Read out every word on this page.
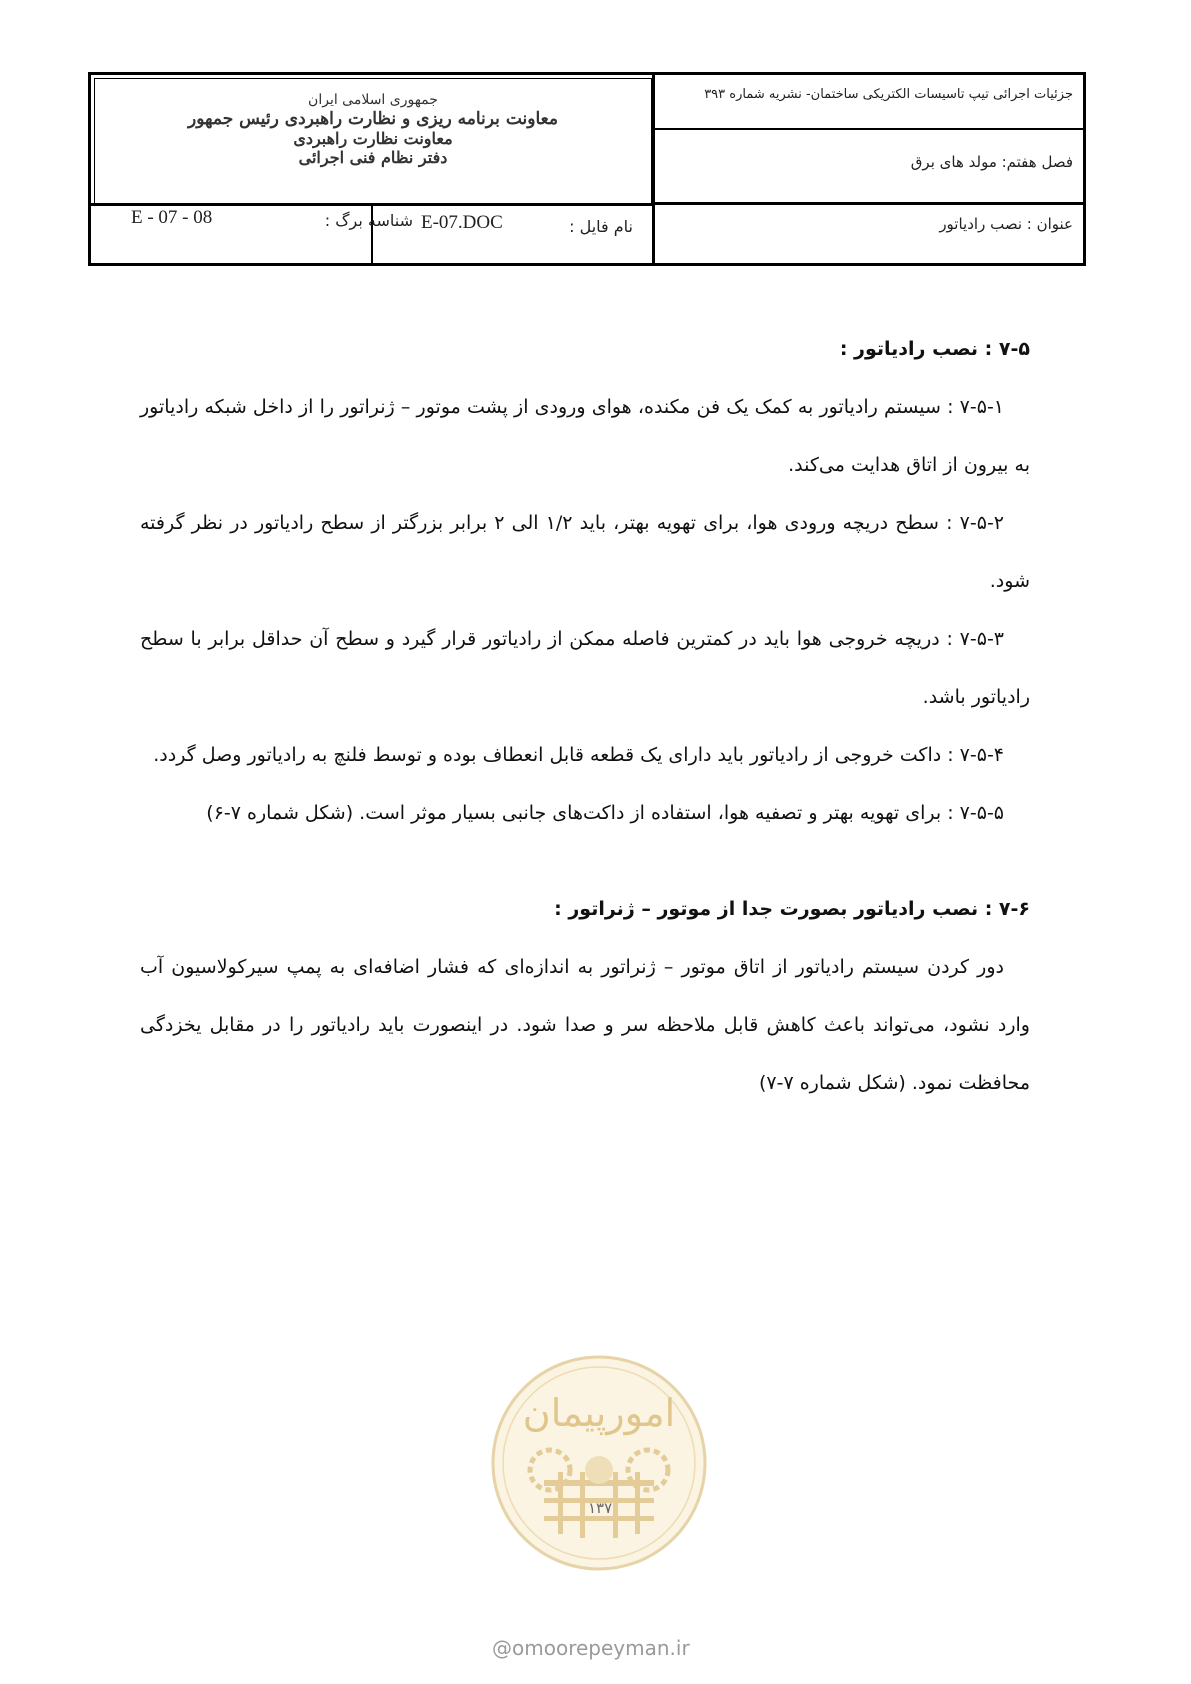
جمهوری اسلامی ایران
معاونت برنامه ریزی و نظارت راهبردی رئیس جمهور
معاونت نظارت راهبردی
دفتر نظام فنی اجرائی
جزئیات اجرائی تیپ تاسیسات الکتریکی ساختمان- نشریه شماره ۳۹۳
فصل هفتم: مولد های برق
عنوان : نصب رادیاتور
نام فایل :
E-07.DOC
شناسه برگ :
E - 07 - 08

۷-۵ : نصب رادیاتور :

۷-۵-۱ : سیستم رادیاتور به کمک یک فن مکنده، هوای ورودی از پشت موتور – ژنراتور را از داخل شبکه رادیاتور به بیرون از اتاق هدایت می‌کند.

۷-۵-۲ : سطح دریچه ورودی هوا، برای تهویه بهتر، باید ۱/۲ الی ۲ برابر بزرگتر از سطح رادیاتور در نظر گرفته شود.

۷-۵-۳ : دریچه خروجی هوا باید در کمترین فاصله ممکن از رادیاتور قرار گیرد و سطح آن حداقل برابر با سطح رادیاتور باشد.

۷-۵-۴ : داکت خروجی از رادیاتور باید دارای یک قطعه قابل انعطاف بوده و توسط فلنچ به رادیاتور وصل گردد.

۷-۵-۵ : برای تهویه بهتر و تصفیه هوا، استفاده از داکت‌های جانبی بسیار موثر است. (شکل شماره ۷-۶)

۷-۶ : نصب رادیاتور بصورت جدا از موتور – ژنراتور :

دور کردن سیستم رادیاتور از اتاق موتور – ژنراتور به اندازه‌ای که فشار اضافه‌ای به پمپ سیرکولاسیون آب وارد نشود، می‌تواند باعث کاهش قابل ملاحظه سر و صدا شود. در اینصورت باید رادیاتور را در مقابل یخزدگی محافظت نمود. (شکل شماره ۷-۷)

امورپیمان
۱۳۷
@omoorepeyman.ir
